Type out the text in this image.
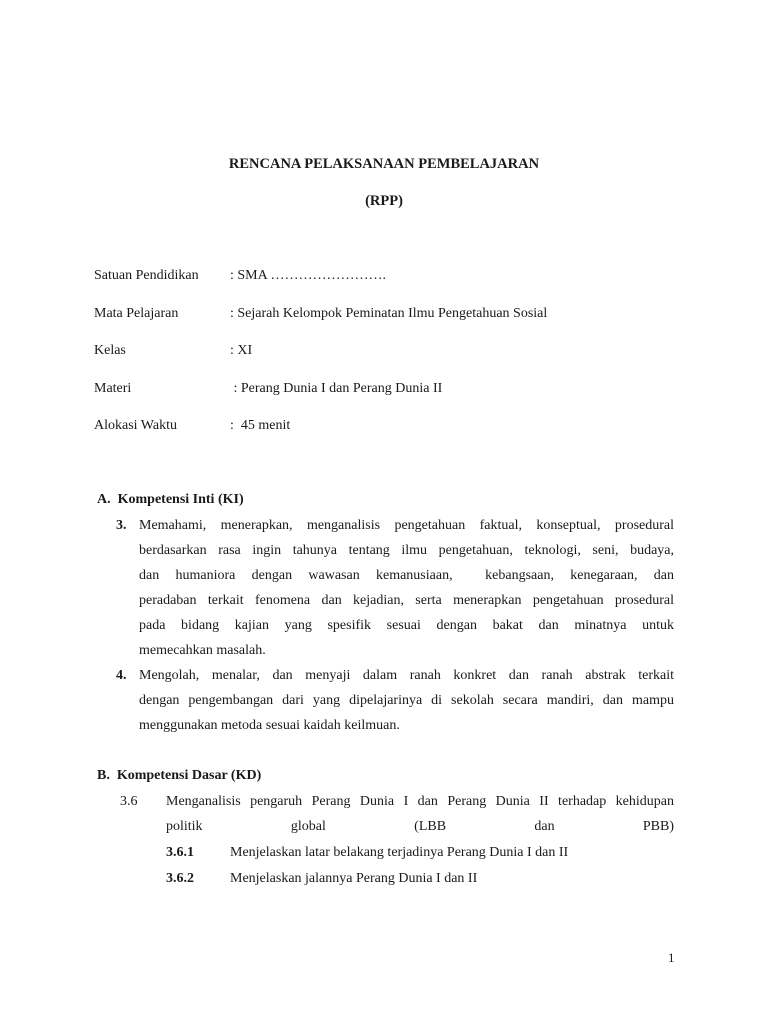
RENCANA PELAKSANAAN PEMBELAJARAN
(RPP)
Satuan Pendidikan : SMA …………………….
Mata Pelajaran	: Sejarah Kelompok Peminatan Ilmu Pengetahuan Sosial
Kelas	: XI
Materi	: Perang Dunia I dan Perang Dunia II
Alokasi Waktu	:  45 menit
A.  Kompetensi Inti (KI)
3. Memahami, menerapkan, menganalisis pengetahuan faktual, konseptual, prosedural
berdasarkan rasa ingin tahunya tentang ilmu pengetahuan, teknologi, seni, budaya,
dan humaniora dengan wawasan kemanusiaan,  kebangsaan, kenegaraan, dan
peradaban terkait fenomena dan kejadian, serta menerapkan pengetahuan prosedural
pada bidang kajian yang spesifik sesuai dengan bakat dan minatnya untuk
memecahkan masalah.
4. Mengolah, menalar, dan menyaji dalam ranah konkret dan ranah abstrak terkait
dengan pengembangan dari yang dipelajarinya di sekolah secara mandiri, dan mampu
menggunakan metoda sesuai kaidah keilmuan.
B.  Kompetensi Dasar (KD)
3.6 Menganalisis pengaruh Perang Dunia I dan Perang Dunia II terhadap kehidupan
politik global (LBB dan PBB)
3.6.1	Menjelaskan latar belakang terjadinya Perang Dunia I dan II
3.6.2	Menjelaskan jalannya Perang Dunia I dan II
1
